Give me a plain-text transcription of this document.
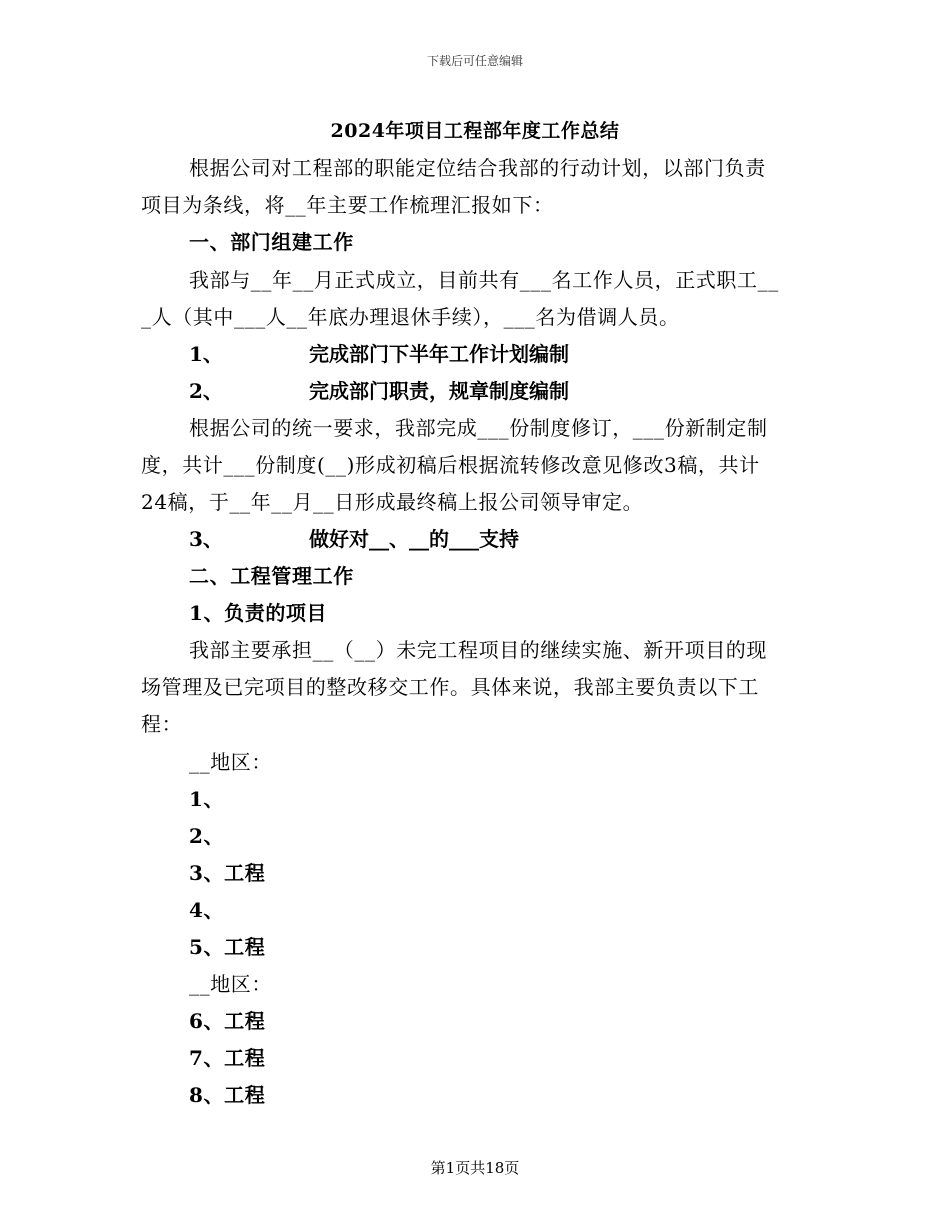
下载后可任意编辑
2024年项目工程部年度工作总结
根据公司对工程部的职能定位结合我部的行动计划，以部门负责
项目为条线，将__年主要工作梳理汇报如下：
一、部门组建工作
我部与__年__月正式成立，目前共有___名工作人员，正式职工__
_人（其中___人__年底办理退休手续），___名为借调人员。
1、	完成部门下半年工作计划编制
2、	完成部门职责，规章制度编制
根据公司的统一要求，我部完成___份制度修订，___份新制定制
度，共计___份制度(__)形成初稿后根据流转修改意见修改3稿，共计
24稿，于__年__月__日形成最终稿上报公司领导审定。
3、	做好对__、__的___支持
二、工程管理工作
1、负责的项目
我部主要承担__（__）未完工程项目的继续实施、新开项目的现
场管理及已完项目的整改移交工作。具体来说，我部主要负责以下工
程：
__地区：
1、
2、
3、工程
4、
5、工程
__地区：
6、工程
7、工程
8、工程
第1页共18页
